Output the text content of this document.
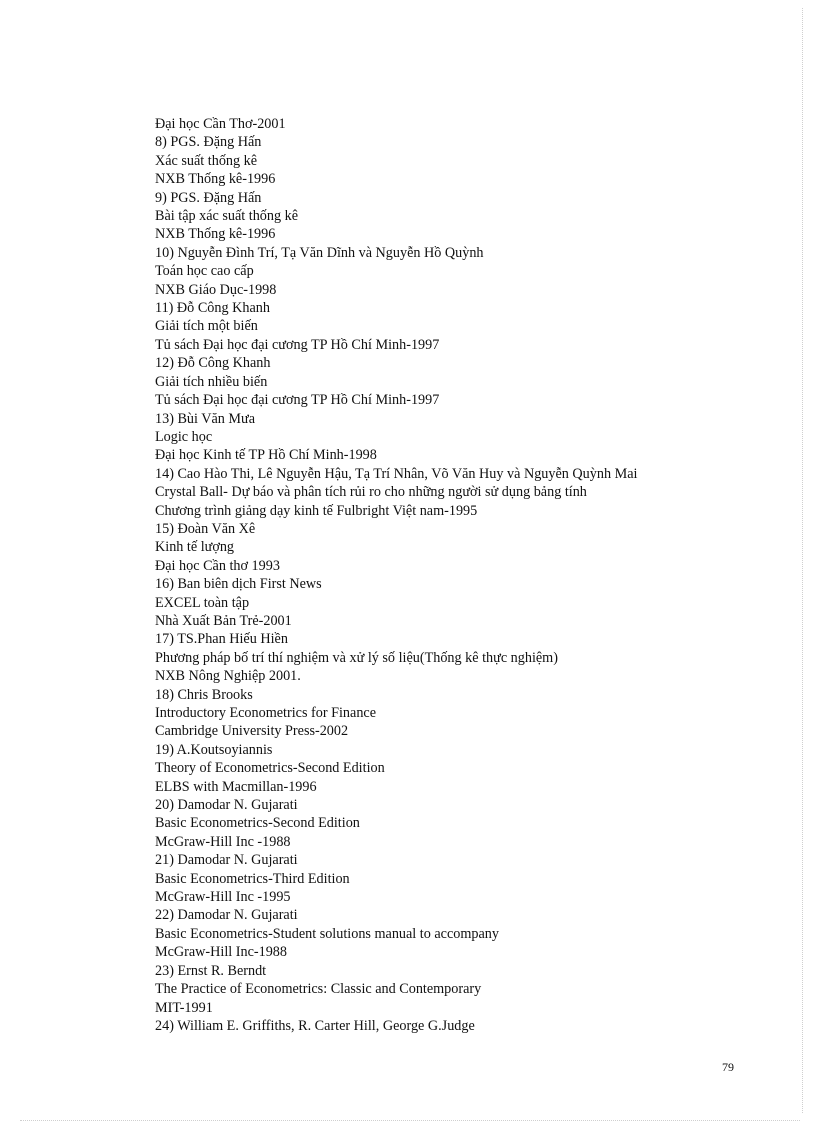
Đại học Cần Thơ-2001
8) PGS. Đặng Hấn
Xác suất thống kê
NXB Thống kê-1996
9) PGS. Đặng Hấn
Bài tập xác suất thống kê
NXB Thống kê-1996
10) Nguyễn Đình Trí, Tạ Văn Dĩnh và Nguyễn Hồ Quỳnh
Toán học cao cấp
NXB Giáo Dục-1998
11) Đỗ Công Khanh
Giải tích một biến
Tủ sách Đại học đại cương TP Hồ Chí Minh-1997
12) Đỗ Công Khanh
Giải tích nhiều biến
Tủ sách Đại học đại cương TP Hồ Chí Minh-1997
13) Bùi Văn Mưa
Logic học
Đại học Kinh tế TP Hồ Chí Minh-1998
14) Cao Hào Thi, Lê Nguyễn Hậu, Tạ Trí Nhân, Võ Văn Huy và Nguyễn Quỳnh Mai
Crystal Ball- Dự báo và phân tích rủi ro cho những người sử dụng bảng tính
Chương trình giảng dạy kinh tế Fulbright Việt nam-1995
15) Đoàn Văn Xê
Kinh tế lượng
Đại học Cần thơ 1993
16) Ban biên dịch First News
EXCEL toàn tập
Nhà Xuất Bản Trẻ-2001
17) TS.Phan Hiếu Hiền
Phương pháp bố trí thí nghiệm và xử lý số liệu(Thống kê thực nghiệm)
NXB Nông Nghiệp 2001.
18) Chris Brooks
Introductory Econometrics for Finance
Cambridge University Press-2002
19) A.Koutsoyiannis
Theory of Econometrics-Second Edition
ELBS with Macmillan-1996
20) Damodar N. Gujarati
Basic Econometrics-Second Edition
McGraw-Hill Inc -1988
21) Damodar N. Gujarati
Basic Econometrics-Third Edition
McGraw-Hill Inc -1995
22) Damodar N. Gujarati
Basic Econometrics-Student solutions manual to accompany
McGraw-Hill Inc-1988
23) Ernst R. Berndt
The Practice of Econometrics: Classic and Contemporary
MIT-1991
24) William E. Griffiths, R. Carter Hill, George G.Judge
79
